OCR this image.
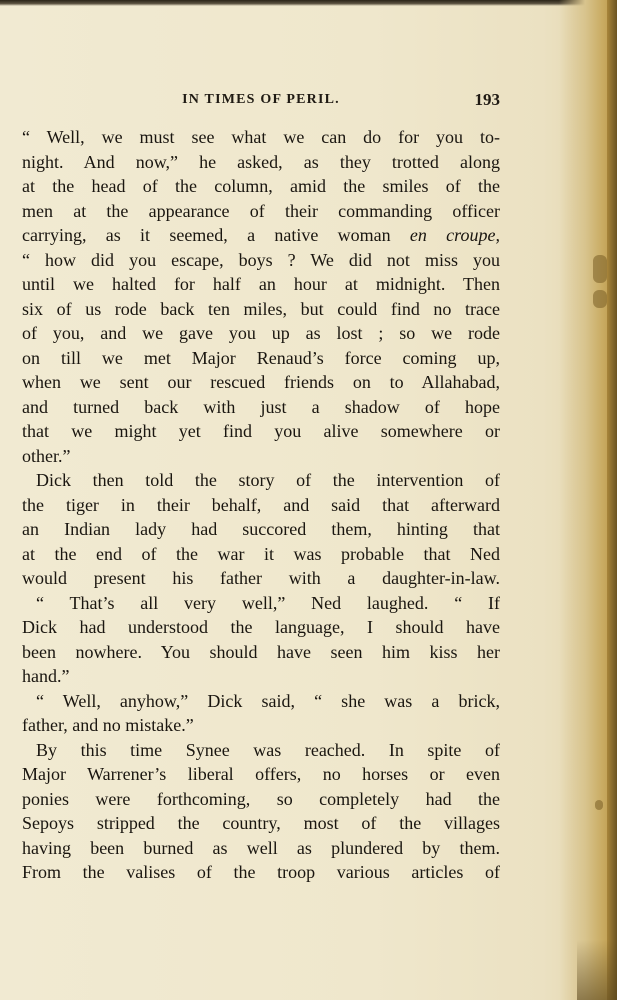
IN TIMES OF PERIL.	193
“ Well, we must see what we can do for you to-
night. And now,” he asked, as they trotted along
at the head of the column, amid the smiles of the
men at the appearance of their commanding officer
carrying, as it seemed, a native woman en croupe,
“ how did you escape, boys ? We did not miss you
until we halted for half an hour at midnight. Then
six of us rode back ten miles, but could find no trace
of you, and we gave you up as lost ; so we rode
on till we met Major Renaud’s force coming up,
when we sent our rescued friends on to Allahabad,
and turned back with just a shadow of hope
that we might yet find you alive somewhere or
other.”
Dick then told the story of the intervention of
the tiger in their behalf, and said that afterward
an Indian lady had succored them, hinting that
at the end of the war it was probable that Ned
would present his father with a daughter-in-law.
“ That’s all very well,” Ned laughed. “ If
Dick had understood the language, I should have
been nowhere. You should have seen him kiss her
hand.”
“ Well, anyhow,” Dick said, “ she was a brick,
father, and no mistake.”
By this time Synee was reached. In spite of
Major Warrener’s liberal offers, no horses or even
ponies were forthcoming, so completely had the
Sepoys stripped the country, most of the villages
having been burned as well as plundered by them.
From the valises of the troop various articles of
